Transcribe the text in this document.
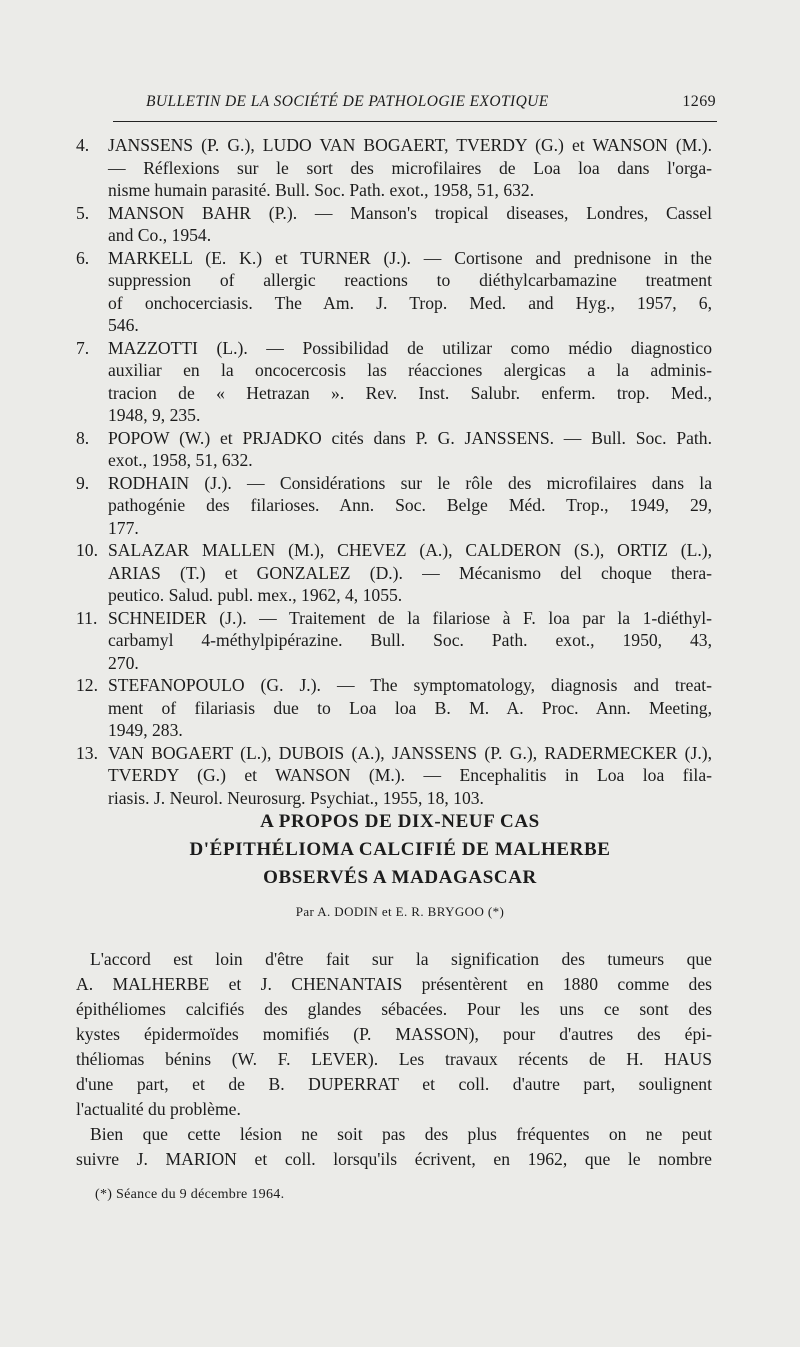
BULLETIN DE LA SOCIÉTÉ DE PATHOLOGIE EXOTIQUE	1269
4. JANSSENS (P. G.), LUDO VAN BOGAERT, TVERDY (G.) et WANSON (M.).
— Réflexions sur le sort des microfilaires de Loa loa dans l'orga-
nisme humain parasité. Bull. Soc. Path. exot., 1958, 51, 632.
5. MANSON BAHR (P.). — Manson's tropical diseases, Londres, Cassel
and Co., 1954.
6. MARKELL (E. K.) et TURNER (J.). — Cortisone and prednisone in the
suppression of allergic reactions to diéthylcarbamazine treatment
of onchocerciasis. The Am. J. Trop. Med. and Hyg., 1957, 6,
546.
7. MAZZOTTI (L.). — Possibilidad de utilizar como médio diagnostico
auxiliar en la oncocercosis las réacciones alergicas a la adminis-
tracion de « Hetrazan ». Rev. Inst. Salubr. enferm. trop. Med.,
1948, 9, 235.
8. POPOW (W.) et PRJADKO cités dans P. G. JANSSENS. — Bull. Soc. Path.
exot., 1958, 51, 632.
9. RODHAIN (J.). — Considérations sur le rôle des microfilaires dans la
pathogénie des filarioses. Ann. Soc. Belge Méd. Trop., 1949, 29,
177.
10. SALAZAR MALLEN (M.), CHEVEZ (A.), CALDERON (S.), ORTIZ (L.),
ARIAS (T.) et GONZALEZ (D.). — Mécanismo del choque thera-
peutico. Salud. publ. mex., 1962, 4, 1055.
11. SCHNEIDER (J.). — Traitement de la filariose à F. loa par la 1-diéthyl-
carbamyl 4-méthylpipérazine. Bull. Soc. Path. exot., 1950, 43,
270.
12. STEFANOPOULO (G. J.). — The symptomatology, diagnosis and treat-
ment of filariasis due to Loa loa B. M. A. Proc. Ann. Meeting,
1949, 283.
13. VAN BOGAERT (L.), DUBOIS (A.), JANSSENS (P. G.), RADERMECKER (J.),
TVERDY (G.) et WANSON (M.). — Encephalitis in Loa loa fila-
riasis. J. Neurol. Neurosurg. Psychiat., 1955, 18, 103.
A PROPOS DE DIX-NEUF CAS
D'ÉPITHÉLIOMA CALCIFIÉ DE MALHERBE
OBSERVÉS A MADAGASCAR
Par A. DODIN et E. R. BRYGOO (*)
L'accord est loin d'être fait sur la signification des tumeurs que
A. MALHERBE et J. CHENANTAIS présentèrent en 1880 comme des
épithéliomes calcifiés des glandes sébacées. Pour les uns ce sont des
kystes épidermoïdes momifiés (P. MASSON), pour d'autres des épi-
théliomas bénins (W. F. LEVER). Les travaux récents de H. HAUS
d'une part, et de B. DUPERRAT et coll. d'autre part, soulignent
l'actualité du problème.
Bien que cette lésion ne soit pas des plus fréquentes on ne peut
suivre J. MARION et coll. lorsqu'ils écrivent, en 1962, que le nombre
(*) Séance du 9 décembre 1964.
